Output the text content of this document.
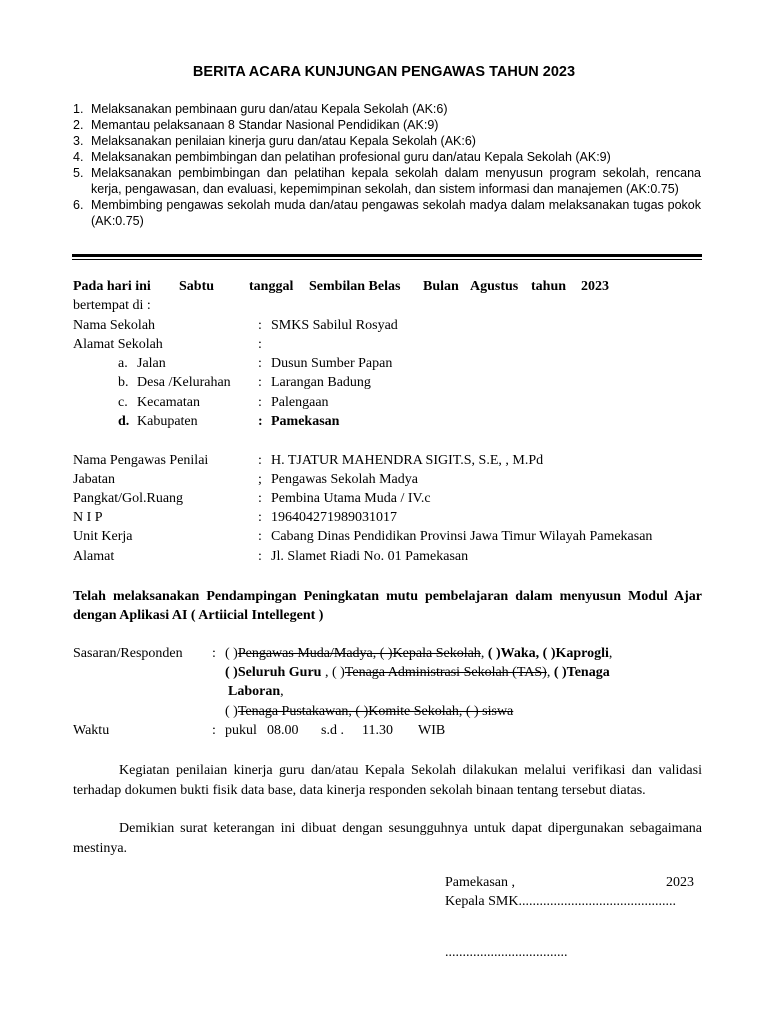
BERITA ACARA KUNJUNGAN PENGAWAS TAHUN 2023
1. Melaksanakan pembinaan guru dan/atau Kepala Sekolah (AK:6)
2. Memantau pelaksanaan 8 Standar Nasional Pendidikan (AK:9)
3. Melaksanakan penilaian kinerja guru dan/atau Kepala Sekolah (AK:6)
4. Melaksanakan pembimbingan dan pelatihan profesional guru dan/atau Kepala Sekolah (AK:9)
5. Melaksanakan pembimbingan dan pelatihan kepala sekolah dalam menyusun program sekolah, rencana kerja, pengawasan, dan evaluasi, kepemimpinan sekolah, dan sistem informasi dan manajemen (AK:0.75)
6. Membimbing pengawas sekolah muda dan/atau pengawas sekolah madya dalam melaksanakan tugas pokok (AK:0.75)
Pada hari ini Sabtu tanggal Sembilan Belas Bulan Agustus tahun 2023
bertempat di :
Nama Sekolah	: SMKS Sabilul Rosyad
Alamat Sekolah	:
a. Jalan	: Dusun Sumber Papan
b. Desa /Kelurahan : Larangan Badung
c. Kecamatan	: Palengaan
d. Kabupaten	: Pamekasan
Nama Pengawas Penilai	: H. TJATUR MAHENDRA SIGIT.S, S.E, , M.Pd
Jabatan	; Pengawas Sekolah Madya
Pangkat/Gol.Ruang	: Pembina Utama Muda / IV.c
N I P	: 196404271989031017
Unit Kerja	: Cabang Dinas Pendidikan Provinsi Jawa Timur Wilayah Pamekasan
Alamat	: Jl. Slamet Riadi No. 01 Pamekasan
Telah melaksanakan Pendampingan Peningkatan mutu pembelajaran dalam menyusun Modul Ajar dengan Aplikasi AI ( Artiicial Intellegent )
Sasaran/Responden : ( )Pengawas Muda/Madya, ( )Kepala Sekolah, ( )Waka, ( )Kaprogli,
( )Seluruh Guru , ( )Tenaga Administrasi Sekolah (TAS), ( )Tenaga
Laboran,
( )Tenaga Pustakawan, ( )Komite Sekolah, ( ) siswa
Waktu	: pukul 08.00 s.d . 11.30 WIB
Kegiatan penilaian kinerja guru dan/atau Kepala Sekolah dilakukan melalui verifikasi dan validasi terhadap dokumen bukti fisik data base, data kinerja responden sekolah binaan tentang tersebut diatas.
Demikian surat keterangan ini dibuat dengan sesungguhnya untuk dapat dipergunakan sebagaimana mestinya.
Pamekasan ,	2023
Kepala SMK.............................................
...................................
